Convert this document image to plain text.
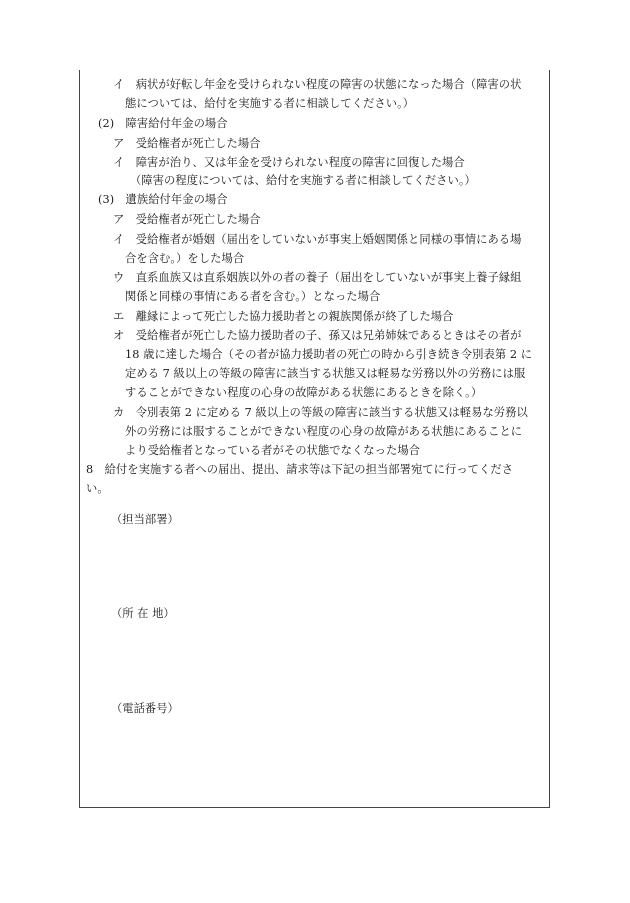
イ　病状が好転し年金を受けられない程度の障害の状態になった場合（障害の状
態については、給付を実施する者に相談してください。）
(2)　障害給付年金の場合
ア　受給権者が死亡した場合
イ　障害が治り、又は年金を受けられない程度の障害に回復した場合
（障害の程度については、給付を実施する者に相談してください。）
(3)　遺族給付年金の場合
ア　受給権者が死亡した場合
イ　受給権者が婚姻（届出をしていないが事実上婚姻関係と同様の事情にある場
合を含む。）をした場合
ウ　直系血族又は直系姻族以外の者の養子（届出をしていないが事実上養子縁組
関係と同様の事情にある者を含む。）となった場合
エ　離縁によって死亡した協力援助者との親族関係が終了した場合
オ　受給権者が死亡した協力援助者の子、孫又は兄弟姉妹であるときはその者が
18 歳に達した場合（その者が協力援助者の死亡の時から引き続き令別表第 2 に
定める 7 級以上の等級の障害に該当する状態又は軽易な労務以外の労務には服
することができない程度の心身の故障がある状態にあるときを除く。）
カ　令別表第 2 に定める 7 級以上の等級の障害に該当する状態又は軽易な労務以
外の労務には服することができない程度の心身の故障がある状態にあることに
より受給権者となっている者がその状態でなくなった場合
8　給付を実施する者への届出、提出、請求等は下記の担当部署宛てに行ってくださ
い。
（担当部署）
（所 在 地）
（電話番号）
